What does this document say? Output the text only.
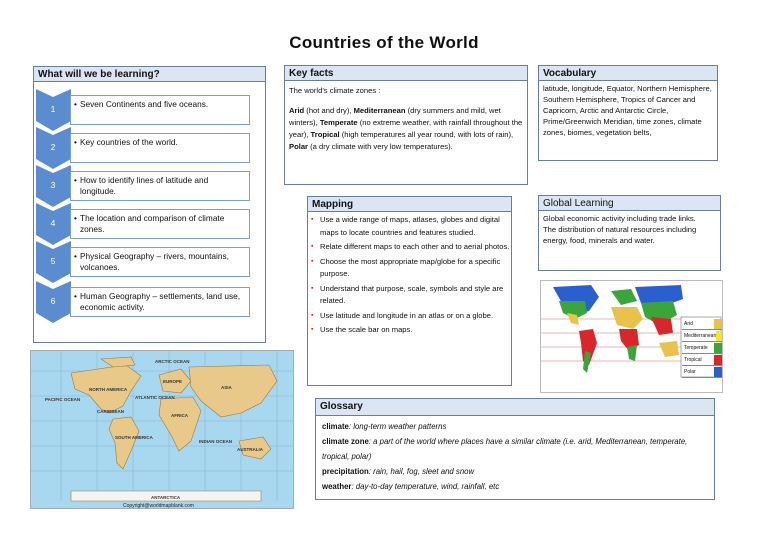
Countries of the World
What will we be learning?
1	• Seven Continents and five oceans.
2	• Key countries of the world.
3	• How to identify lines of latitude and longitude.
4	• The location and comparison of climate zones.
5	• Physical Geography – rivers, mountains, volcanoes.
6	• Human Geography – settlements, land use, economic activity.
NORTH AMERICA
EUROPE
ASIA
AFRICA
SOUTH AMERICA
AUSTRALIA
ANTARCTICA
PACIFIC OCEAN	ATLANTIC OCEAN
INDIAN OCEAN
ARCTIC OCEAN
CARIBBEAN
Copyright@worldmapblank.com
Key facts
The world's climate zones :
Arid (hot and dry), Mediterranean (dry summers and mild, wet winters), Temperate (no extreme weather, with rainfall throughout the year), Tropical (high temperatures all year round, with lots of rain), Polar (a dry climate with very low temperatures).
Vocabulary
latitude, longitude, Equator, Northern Hemisphere, Southern Hemisphere, Tropics of Cancer and Capricorn, Arctic and Antarctic Circle, Prime/Greenwich Meridian, time zones, climate zones, biomes, vegetation belts,
Mapping
▪ Use a wide range of maps, atlases, globes and digital maps to locate countries and features studied.
▪ Relate different maps to each other and to aerial photos.
▪ Choose the most appropriate map/globe for a specific purpose.
▪ Understand that purpose, scale, symbols and style are related.
▪ Use latitude and longitude in an atlas or on a globe.
▪ Use the scale bar on maps.
Global Learning
Global economic activity including trade links.
The distribution of natural resources including energy, food, minerals and water.
Arid
Mediterranean
Temperate
Tropical
Polar
Glossary
climate: long-term weather patterns
climate zone: a part of the world where places have a similar climate (i.e. arid, Mediterranean, temperate, tropical, polar)
precipitation: rain, hail, fog, sleet and snow
weather: day-to-day temperature, wind, rainfall, etc
